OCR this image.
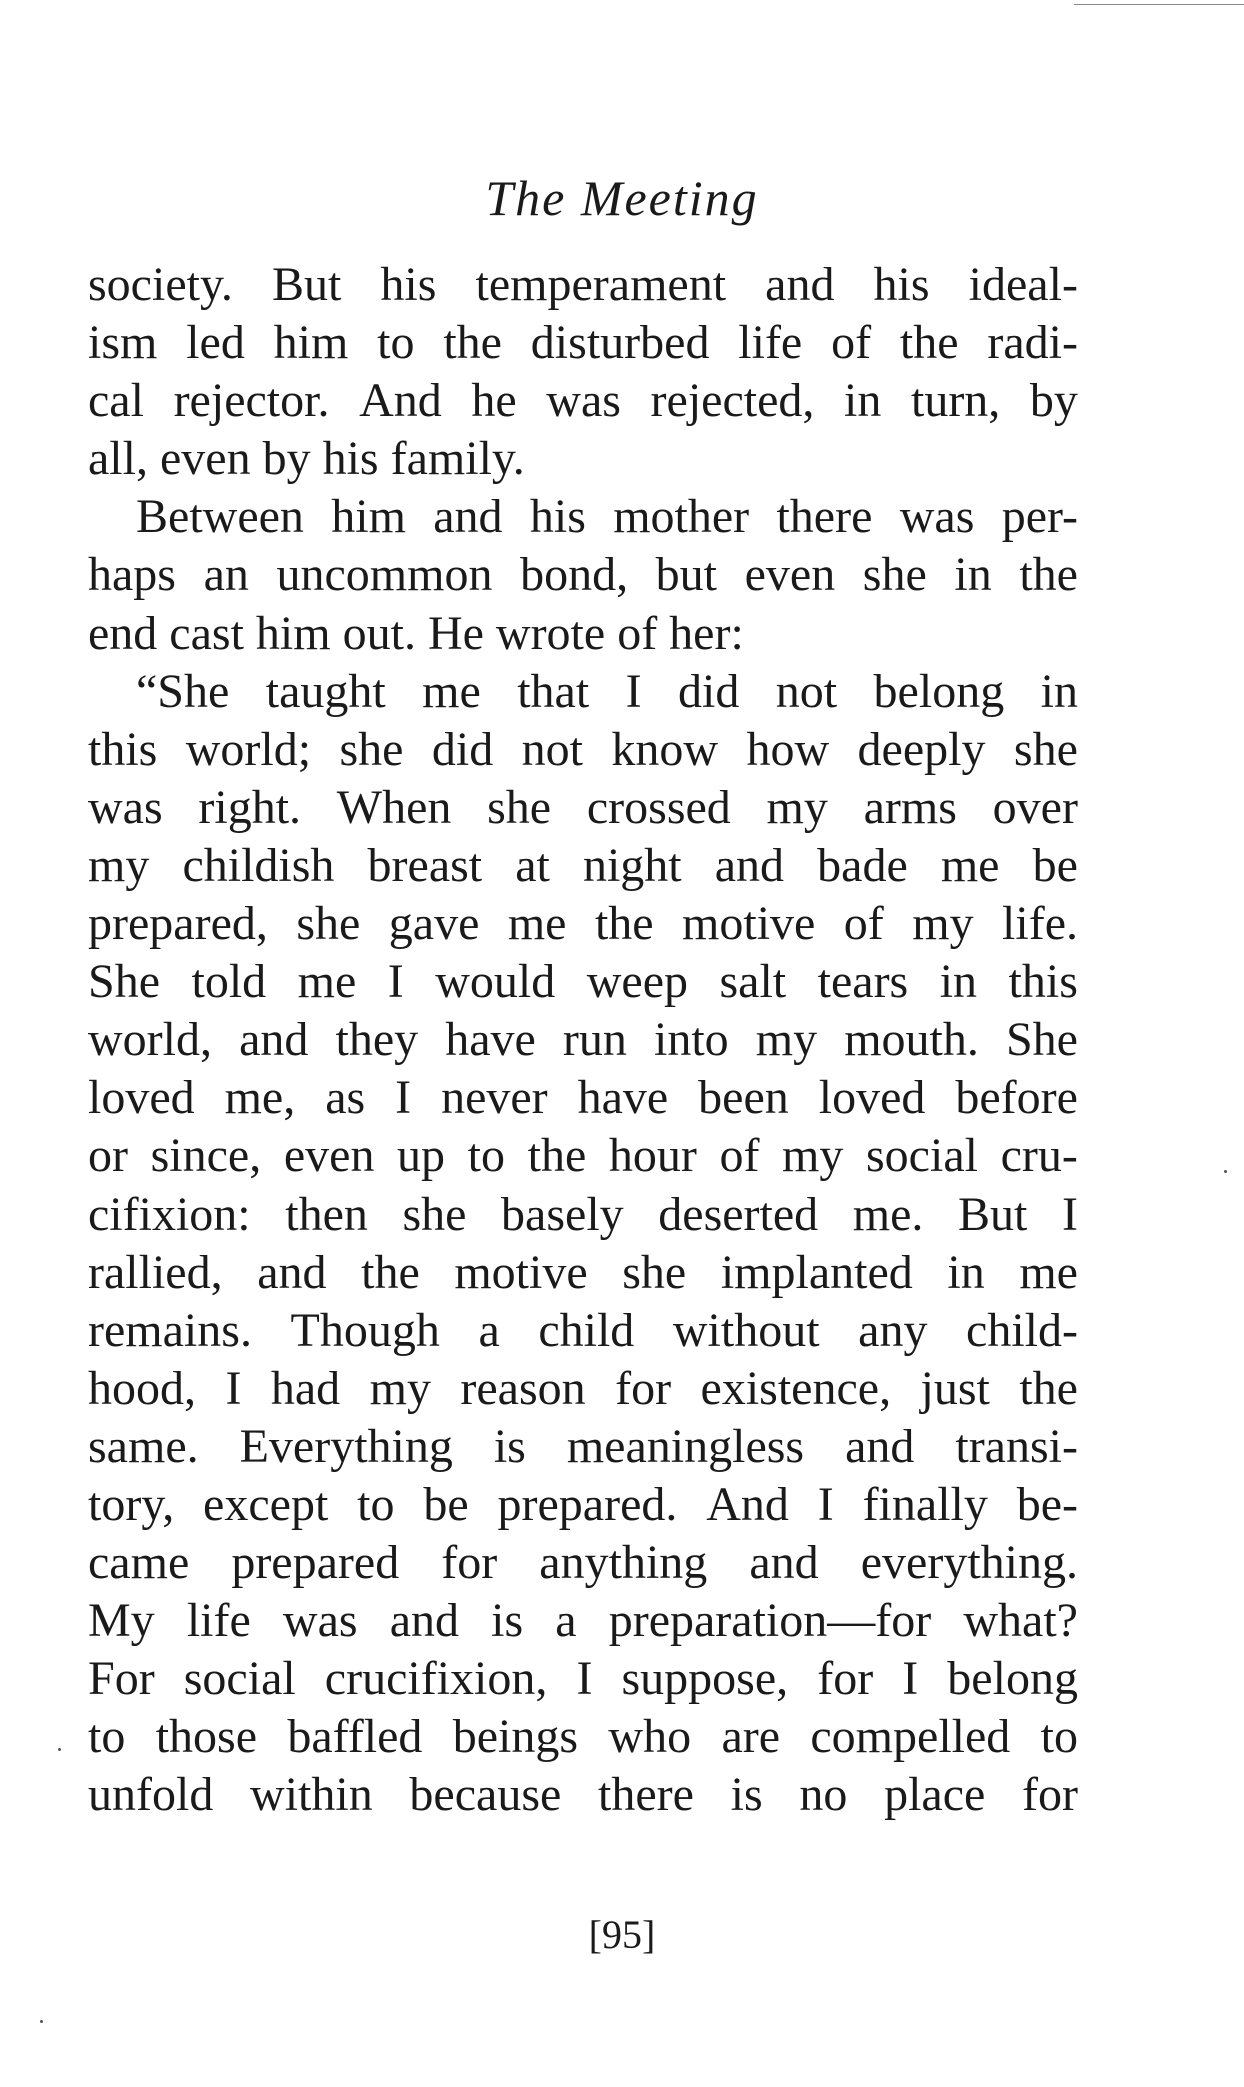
The Meeting
society. But his temperament and his ideal-
ism led him to the disturbed life of the radi-
cal rejector. And he was rejected, in turn, by
all, even by his family.
Between him and his mother there was per-
haps an uncommon bond, but even she in the
end cast him out. He wrote of her:
“She taught me that I did not belong in
this world; she did not know how deeply she
was right. When she crossed my arms over
my childish breast at night and bade me be
prepared, she gave me the motive of my life.
She told me I would weep salt tears in this
world, and they have run into my mouth. She
loved me, as I never have been loved before
or since, even up to the hour of my social cru-
cifixion: then she basely deserted me. But I
rallied, and the motive she implanted in me
remains. Though a child without any child-
hood, I had my reason for existence, just the
same. Everything is meaningless and transi-
tory, except to be prepared. And I finally be-
came prepared for anything and everything.
My life was and is a preparation—for what?
For social crucifixion, I suppose, for I belong
to those baffled beings who are compelled to
unfold within because there is no place for
[95]
